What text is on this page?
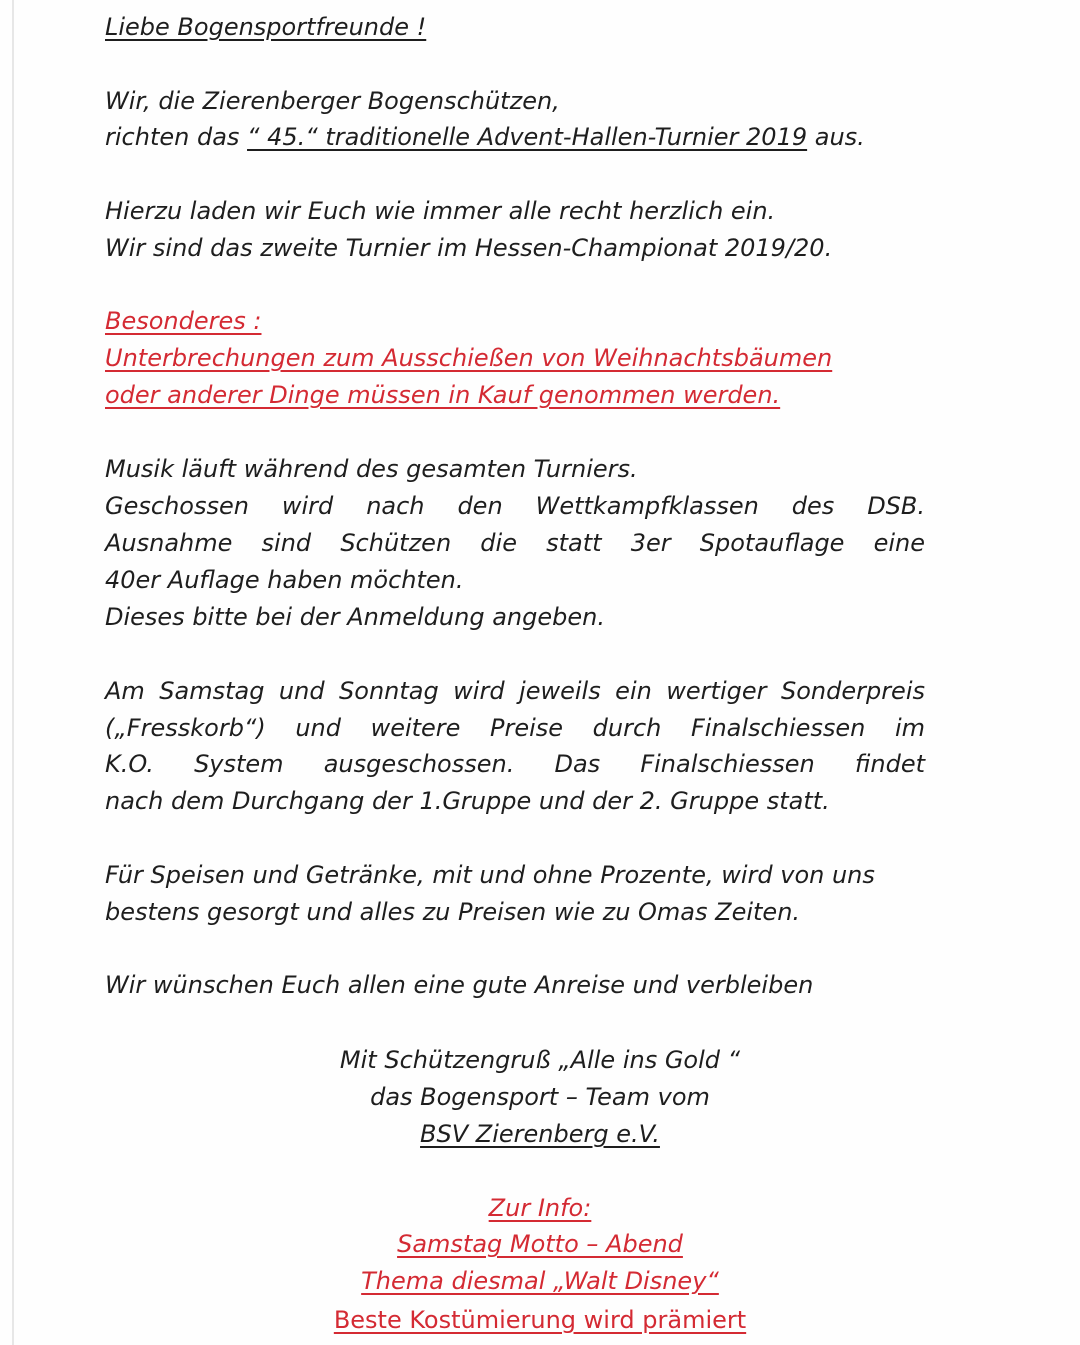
Liebe Bogensportfreunde !
Wir, die Zierenberger Bogenschützen,
richten das “ 45.“ traditionelle Advent-Hallen-Turnier 2019 aus.
Hierzu laden wir Euch wie immer alle recht herzlich ein.
Wir sind das zweite Turnier im Hessen-Championat 2019/20.
Besonderes :
Unterbrechungen zum Ausschießen von Weihnachtsbäumen
oder anderer Dinge müssen in Kauf genommen werden.
Musik läuft während des gesamten Turniers.
Geschossen wird nach den Wettkampfklassen des DSB.
Ausnahme sind Schützen die statt 3er Spotauflage eine
40er Auflage haben möchten.
Dieses bitte bei der Anmeldung angeben.
Am Samstag und Sonntag wird jeweils ein wertiger Sonderpreis
(„Fresskorb“) und weitere Preise durch Finalschiessen im
K.O. System ausgeschossen. Das Finalschiessen findet
nach dem Durchgang der 1.Gruppe und der 2. Gruppe statt.
Für Speisen und Getränke, mit und ohne Prozente, wird von uns
bestens gesorgt und alles zu Preisen wie zu Omas Zeiten.
Wir wünschen Euch allen eine gute Anreise und verbleiben
Mit Schützengruß „Alle ins Gold “
das Bogensport – Team vom
BSV Zierenberg e.V.
Zur Info:
Samstag Motto – Abend
Thema diesmal „Walt Disney“
Beste Kostümierung wird prämiert
